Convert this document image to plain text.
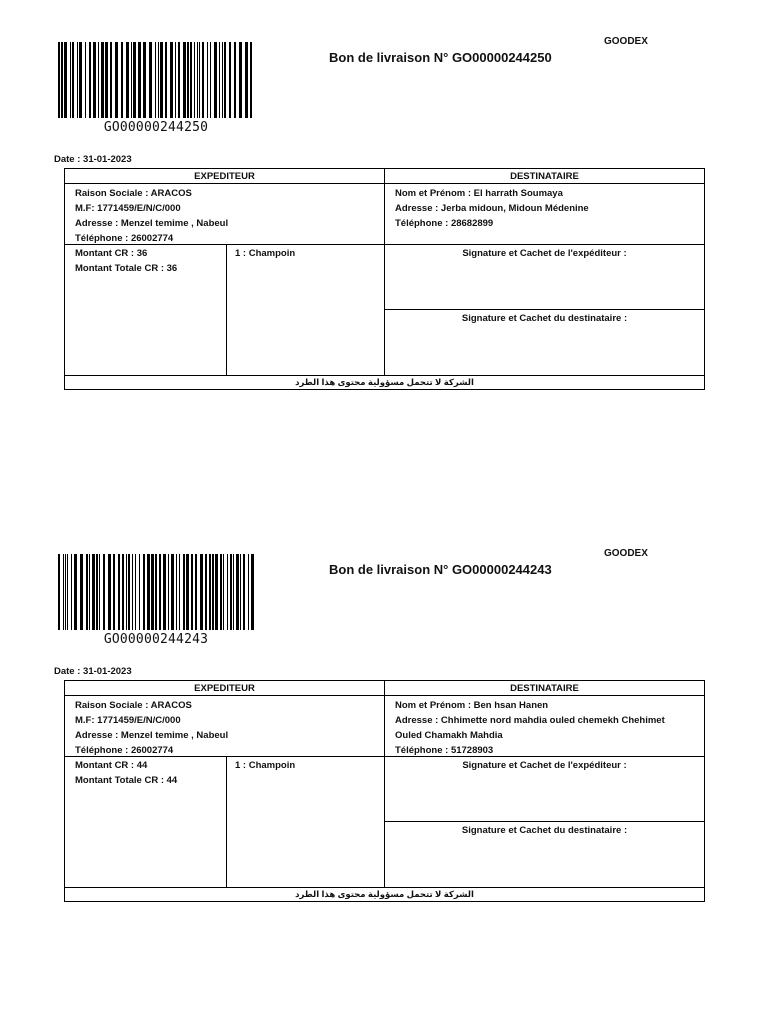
GO00000244250
Bon de livraison N° GO00000244250
GOODEX
Date : 31-01-2023
EXPEDITEUR	DESTINATAIRE
Raison Sociale : ARACOS
M.F: 1771459/E/N/C/000
Adresse : Menzel temime , Nabeul
Téléphone : 26002774
Nom et Prénom : El harrath Soumaya
Adresse : Jerba midoun, Midoun Médenine
Téléphone : 28682899
Montant CR : 36
Montant Totale CR : 36
1 : Champoin	Signature et Cachet de l'expéditeur :
Signature et Cachet du destinataire :
الشركة لا تتحمل مسؤولية محتوى هذا الطرد
GO00000244243
Bon de livraison N° GO00000244243
GOODEX
Date : 31-01-2023
EXPEDITEUR	DESTINATAIRE
Raison Sociale : ARACOS
M.F: 1771459/E/N/C/000
Adresse : Menzel temime , Nabeul
Téléphone : 26002774
Nom et Prénom : Ben hsan Hanen
Adresse : Chhimette nord mahdia ouled chemekh Chehimet Ouled Chamakh Mahdia
Téléphone : 51728903
Montant CR : 44
Montant Totale CR : 44
1 : Champoin	Signature et Cachet de l'expéditeur :
Signature et Cachet du destinataire :
الشركة لا تتحمل مسؤولية محتوى هذا الطرد
